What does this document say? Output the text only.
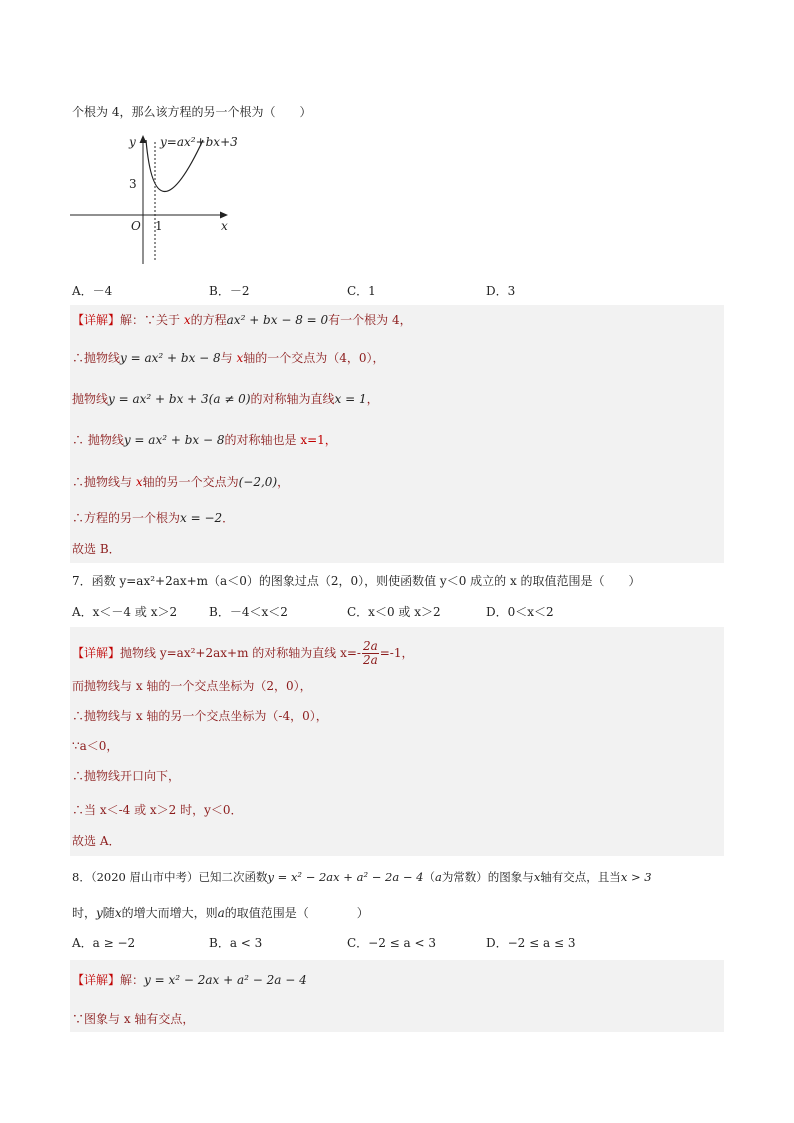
个根为 4，那么该方程的另一个根为（　　）
y y=ax²+bx+3
3
O 1	x
A．－4	B．－2	C．1	D．3
【详解】解：∵关于 x的方程ax² + bx − 8 = 0有一个根为 4，
∴抛物线y = ax² + bx − 8与 x轴的一个交点为（4，0），
抛物线y = ax² + bx + 3(a ≠ 0)的对称轴为直线x = 1，
∴ 抛物线y = ax² + bx − 8的对称轴也是 x=1，
∴抛物线与 x轴的另一个交点为(−2,0)，
∴方程的另一个根为x = −2．
故选 B．
7．函数 y=ax²+2ax+m（a＜0）的图象过点（2，0），则使函数值 y＜0 成立的 x 的取值范围是（　　）
A．x＜－4 或 x＞2	B．－4＜x＜2	C．x＜0 或 x＞2	D．0＜x＜2
【详解】抛物线 y=ax²+2ax+m 的对称轴为直线 $x=- \frac{2a}{2a} =-1$，
而抛物线与 x 轴的一个交点坐标为（2，0），
∴抛物线与 x 轴的另一个交点坐标为（-4，0），
∵a＜0，
∴抛物线开口向下，
∴当 x＜-4 或 x＞2 时，y＜0．
故选 A．
8．（2020 眉山市中考）已知二次函数y = x² − 2ax + a² − 2a − 4（a为常数）的图象与x轴有交点，且当x > 3
时，y随x的增大而增大，则a的取值范围是（　　　　）
A．a ≥ −2	B．a < 3	C．−2 ≤ a < 3	D．−2 ≤ a ≤ 3
【详解】解：y = x² − 2ax + a² − 2a − 4
∵图象与 x 轴有交点，
